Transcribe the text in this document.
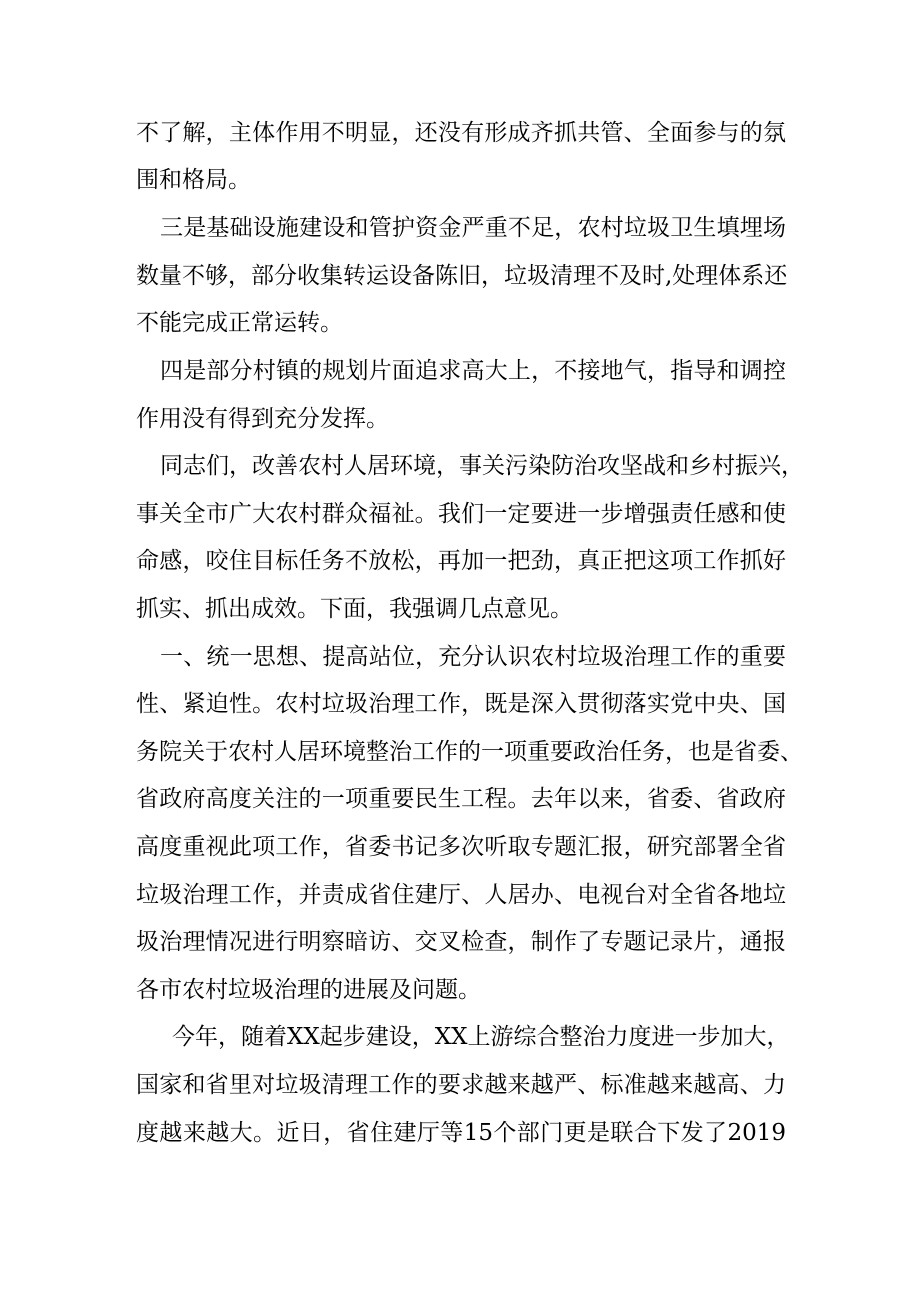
不了解，主体作用不明显，还没有形成齐抓共管、全面参与的氛
围和格局。
三是基础设施建设和管护资金严重不足，农村垃圾卫生填埋场
数量不够，部分收集转运设备陈旧，垃圾清理不及时,处理体系还
不能完成正常运转。
四是部分村镇的规划片面追求高大上，不接地气，指导和调控
作用没有得到充分发挥。
同志们，改善农村人居环境，事关污染防治攻坚战和乡村振兴，
事关全市广大农村群众福祉。我们一定要进一步增强责任感和使
命感，咬住目标任务不放松，再加一把劲，真正把这项工作抓好
抓实、抓出成效。下面，我强调几点意见。
一、统一思想、提高站位，充分认识农村垃圾治理工作的重要
性、紧迫性。农村垃圾治理工作，既是深入贯彻落实党中央、国
务院关于农村人居环境整治工作的一项重要政治任务，也是省委、
省政府高度关注的一项重要民生工程。去年以来，省委、省政府
高度重视此项工作，省委书记多次听取专题汇报，研究部署全省
垃圾治理工作，并责成省住建厅、人居办、电视台对全省各地垃
圾治理情况进行明察暗访、交叉检查，制作了专题记录片，通报
各市农村垃圾治理的进展及问题。
今年，随着XX起步建设，XX上游综合整治力度进一步加大，
国家和省里对垃圾清理工作的要求越来越严、标准越来越高、力
度越来越大。近日，省住建厅等15个部门更是联合下发了2019
